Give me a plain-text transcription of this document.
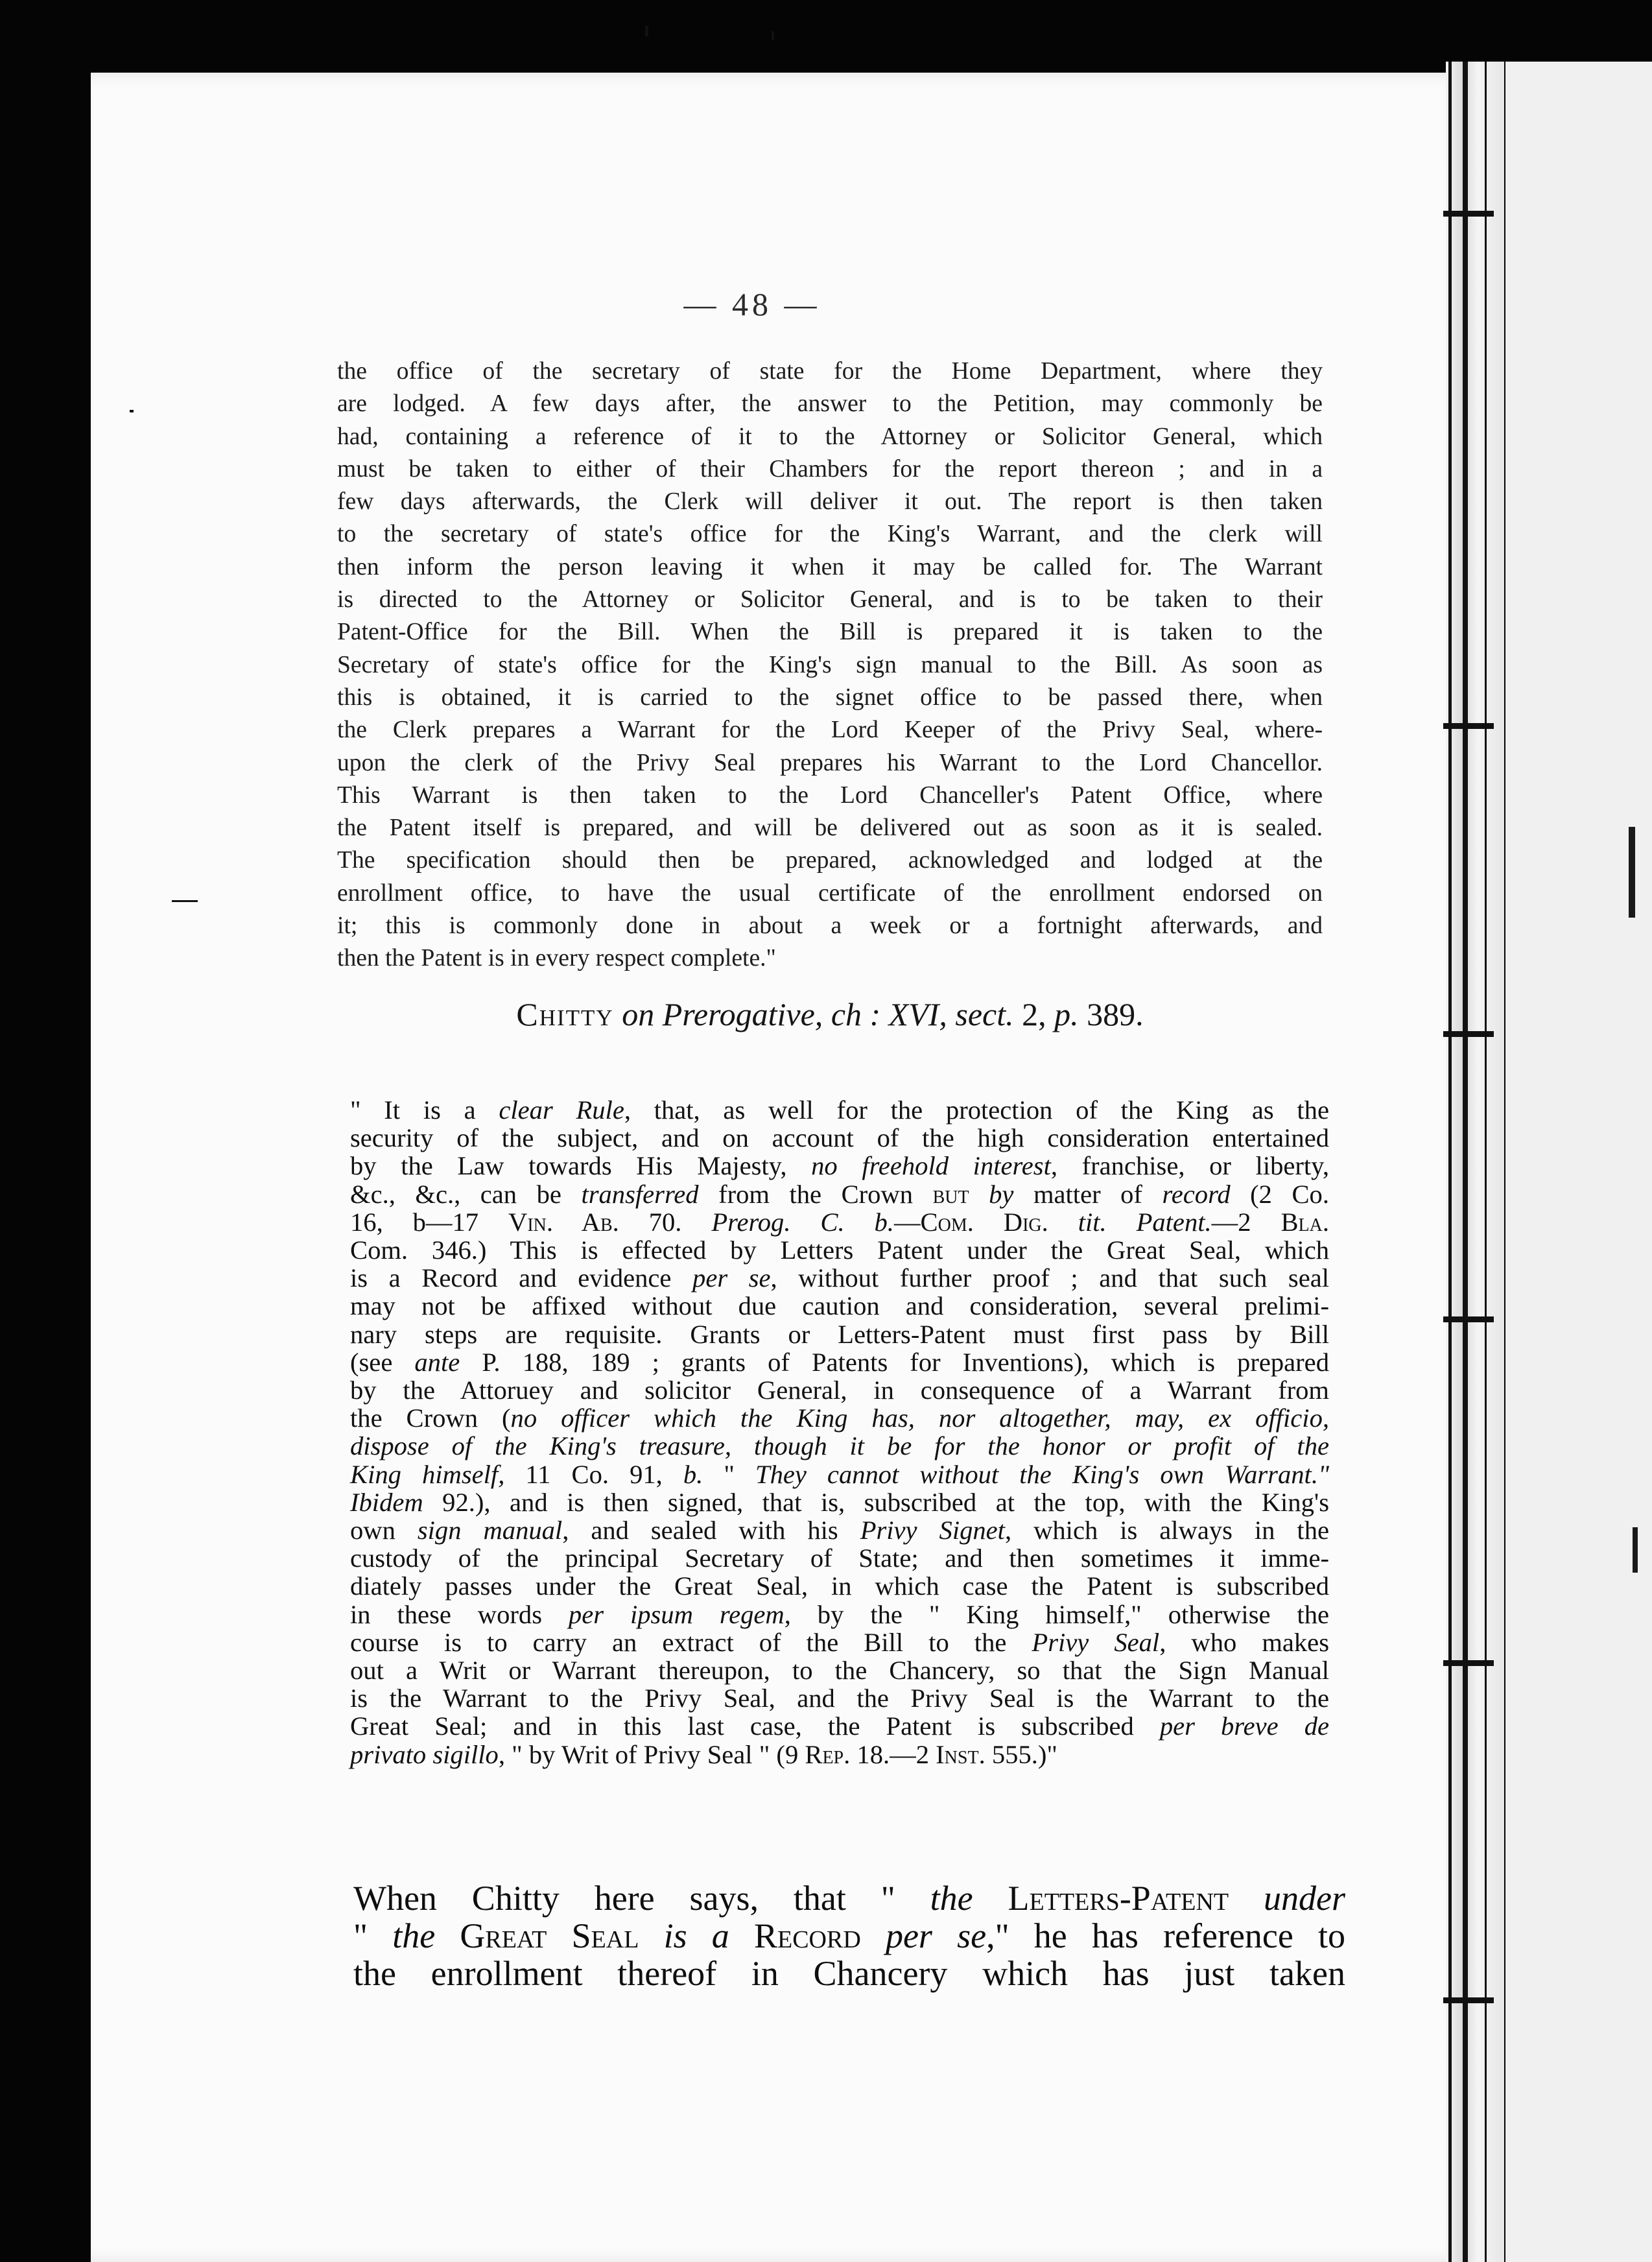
— 48 —
the office of the secretary of state for the Home Department, where they
are lodged. A few days after, the answer to the Petition, may commonly be
had, containing a reference of it to the Attorney or Solicitor General, which
must be taken to either of their Chambers for the report thereon ; and in a
few days afterwards, the Clerk will deliver it out. The report is then taken
to the secretary of state's office for the King's Warrant, and the clerk will
then inform the person leaving it when it may be called for. The Warrant
is directed to the Attorney or Solicitor General, and is to be taken to their
Patent-Office for the Bill. When the Bill is prepared it is taken to the
Secretary of state's office for the King's sign manual to the Bill. As soon as
this is obtained, it is carried to the signet office to be passed there, when
the Clerk prepares a Warrant for the Lord Keeper of the Privy Seal, where-
upon the clerk of the Privy Seal prepares his Warrant to the Lord Chancellor.
This Warrant is then taken to the Lord Chanceller's Patent Office, where
the Patent itself is prepared, and will be delivered out as soon as it is sealed.
The specification should then be prepared, acknowledged and lodged at the
enrollment office, to have the usual certificate of the enrollment endorsed on
it; this is commonly done in about a week or a fortnight afterwards, and
then the Patent is in every respect complete."
Chitty on Prerogative, ch : XVI, sect. 2, p. 389.
" It is a clear Rule, that, as well for the protection of the King as the
security of the subject, and on account of the high consideration entertained
by the Law towards His Majesty, no freehold interest, franchise, or liberty,
&c., &c., can be transferred from the Crown but by matter of record (2 Co.
16, b—17 Vin. Ab. 70. Prerog. C. b.—Com. Dig. tit. Patent.—2 Bla.
Com. 346.) This is effected by Letters Patent under the Great Seal, which
is a Record and evidence per se, without further proof ; and that such seal
may not be affixed without due caution and consideration, several prelimi-
nary steps are requisite. Grants or Letters-Patent must first pass by Bill
(see ante P. 188, 189 ; grants of Patents for Inventions), which is prepared
by the Attoruey and solicitor General, in consequence of a Warrant from
the Crown (no officer which the King has, nor altogether, may, ex officio,
dispose of the King's treasure, though it be for the honor or profit of the
King himself, 11 Co. 91, b. " They cannot without the King's own Warrant."
Ibidem 92.), and is then signed, that is, subscribed at the top, with the King's
own sign manual, and sealed with his Privy Signet, which is always in the
custody of the principal Secretary of State; and then sometimes it imme-
diately passes under the Great Seal, in which case the Patent is subscribed
in these words per ipsum regem, by the " King himself," otherwise the
course is to carry an extract of the Bill to the Privy Seal, who makes
out a Writ or Warrant thereupon, to the Chancery, so that the Sign Manual
is the Warrant to the Privy Seal, and the Privy Seal is the Warrant to the
Great Seal; and in this last case, the Patent is subscribed per breve de
privato sigillo, " by Writ of Privy Seal " (9 Rep. 18.—2 Inst. 555.)"
When Chitty here says, that " the Letters-Patent under
" the Great Seal is a Record per se," he has reference to
the enrollment thereof in Chancery which has just taken
